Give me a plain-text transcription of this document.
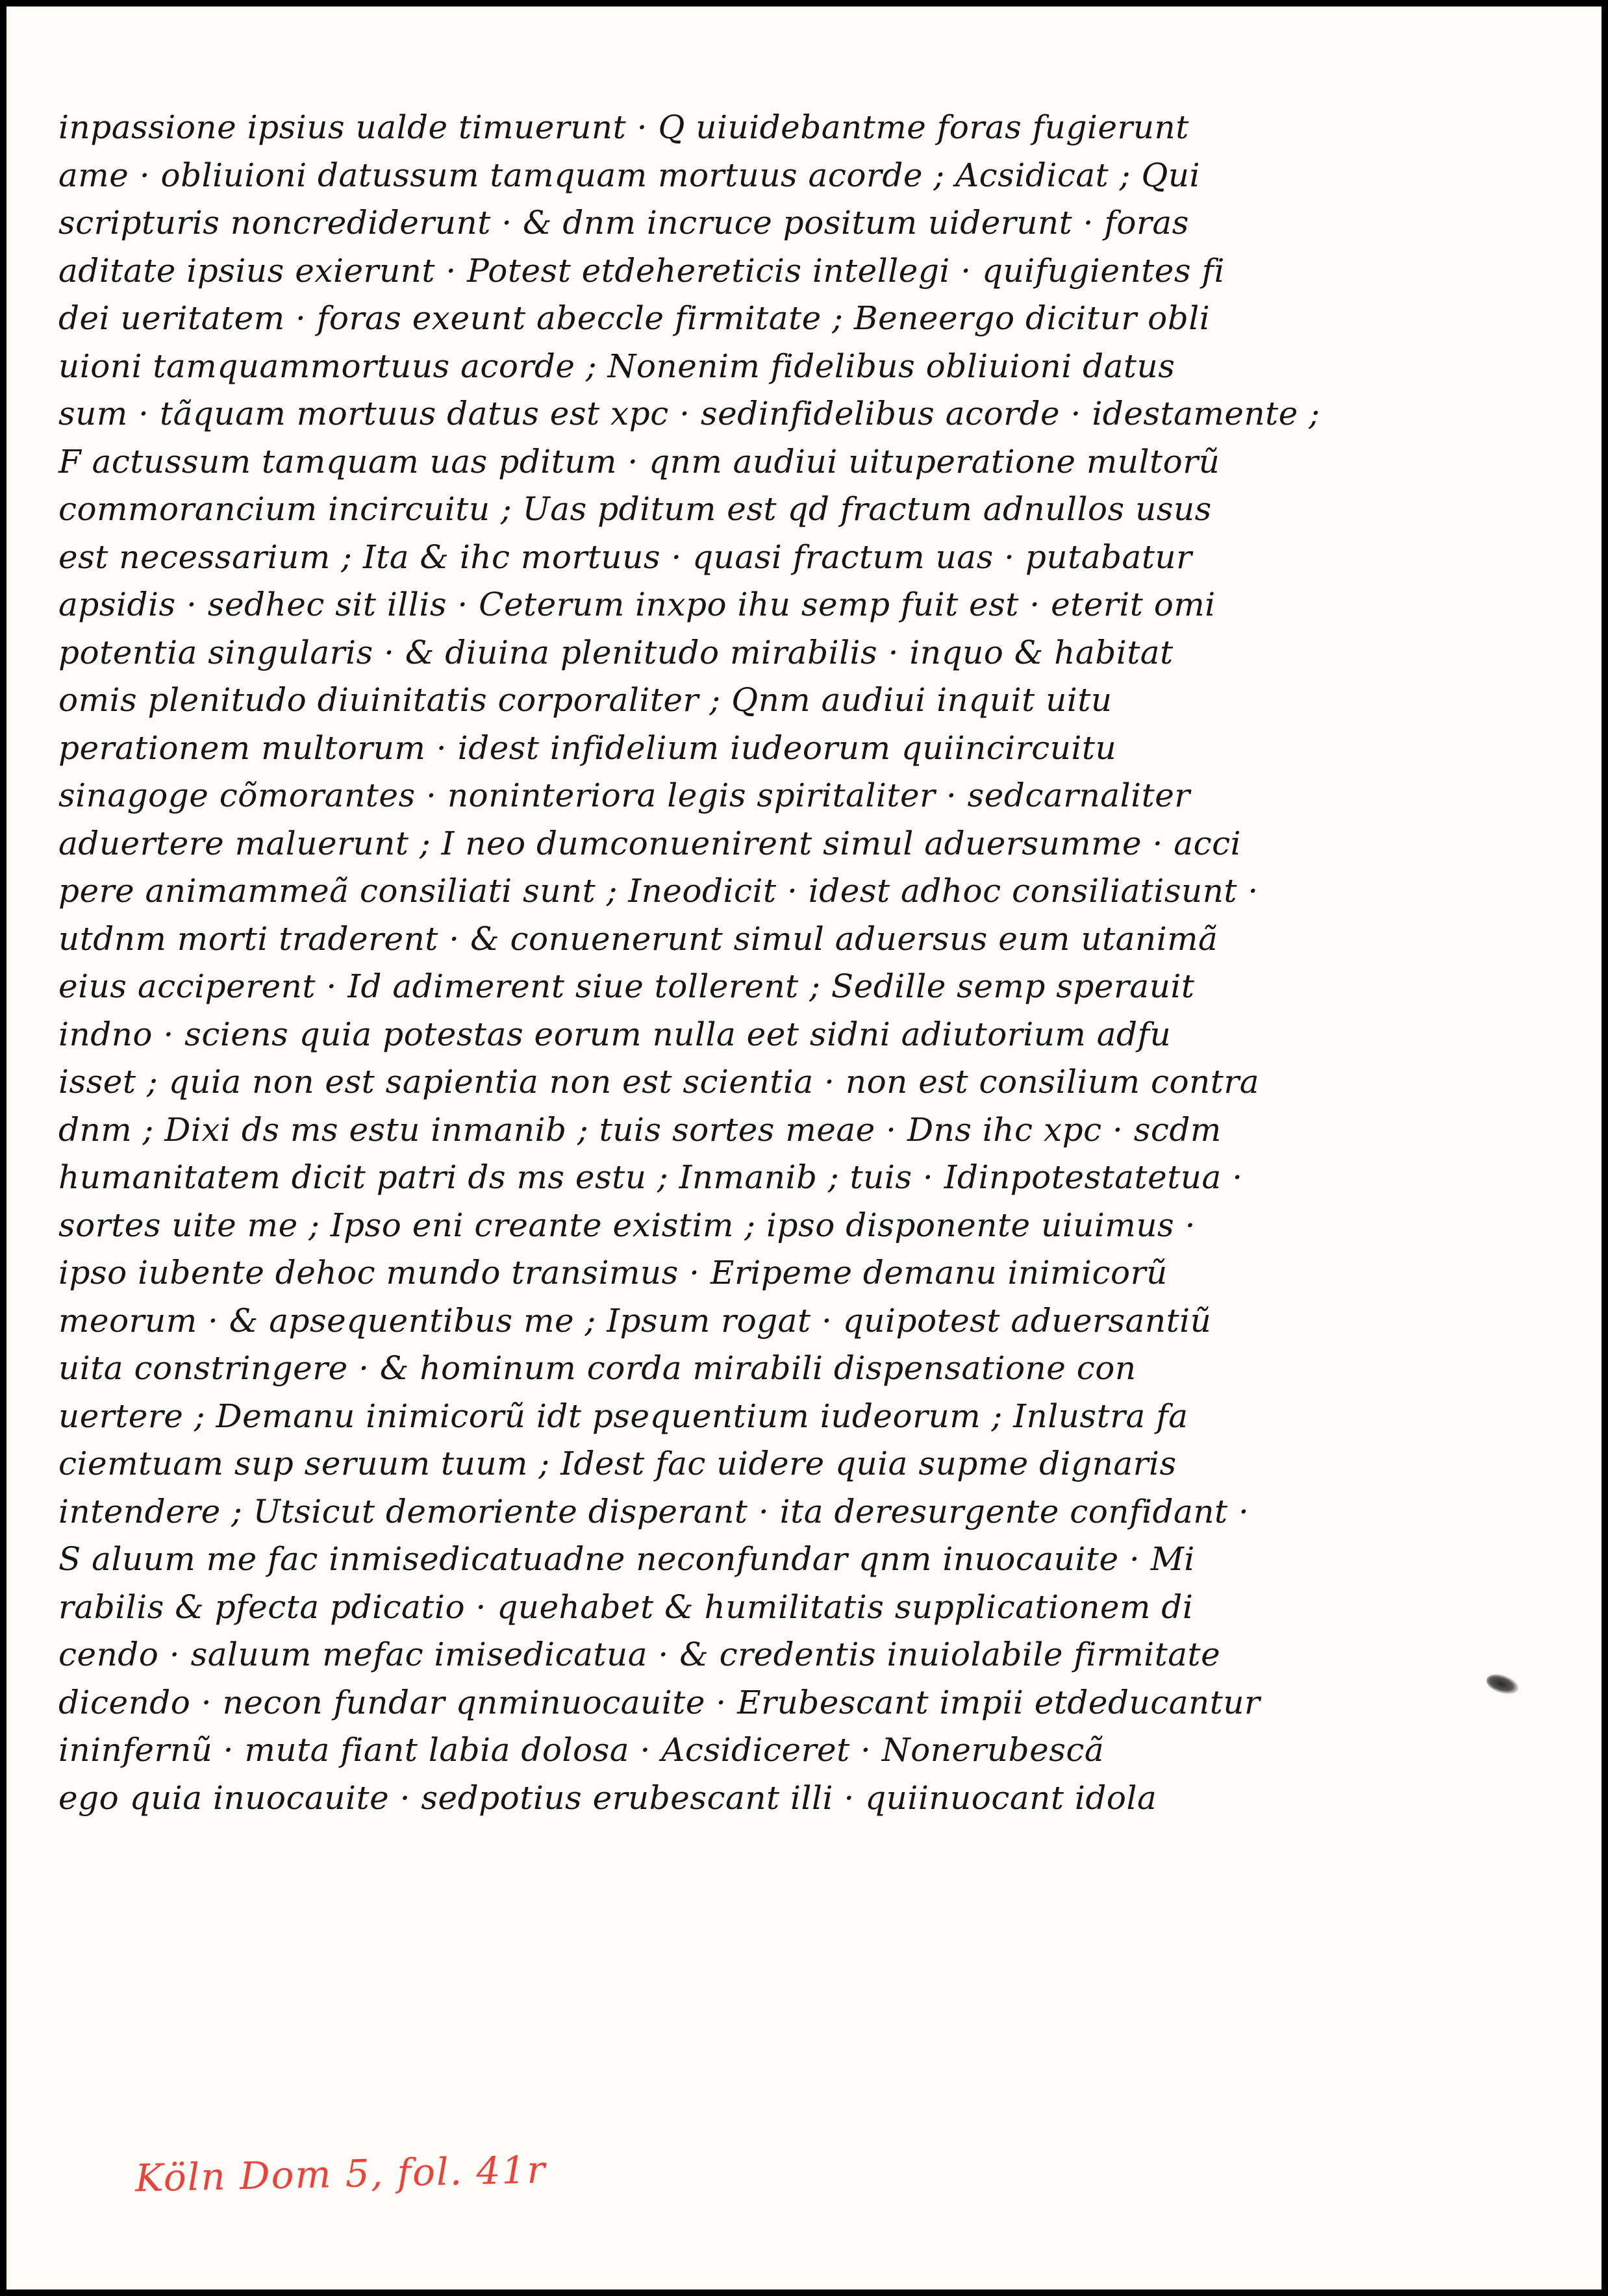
inpassione ipsius ualde timuerunt · Q uiuidebantme foras fugierunt
ame · obliuioni datussum tamquam mortuus acorde ; Acsidicat ; Qui
scripturis noncrediderunt · & dnm incruce positum uiderunt · foras
aditate ipsius exierunt · Potest etdehereticis intellegi · quifugientes fi
dei ueritatem · foras exeunt abeccle firmitate ; Beneergo dicitur obli
uioni tamquammortuus acorde ; Nonenim fidelibus obliuioni datus
sum · tãquam mortuus datus est xpc · sedinfidelibus acorde · idestamente ;
F actussum tamquam uas pditum · qnm audiui uituperatione multorũ
commorancium incircuitu ; Uas pditum est qd fractum adnullos usus
est necessarium ; Ita & ihc mortuus · quasi fractum uas · putabatur
apsidis · sedhec sit illis · Ceterum inxpo ihu semp fuit est · eterit omi
potentia singularis · & diuina plenitudo mirabilis · inquo & habitat
omis plenitudo diuinitatis corporaliter ; Qnm audiui inquit uitu
perationem multorum · idest infidelium iudeorum quiincircuitu
sinagoge cõmorantes · noninteriora legis spiritaliter · sedcarnaliter
aduertere maluerunt ; I neo dumconuenirent simul aduersumme · acci
pere animammeã consiliati sunt ; Ineodicit · idest adhoc consiliatisunt ·
utdnm morti traderent · & conuenerunt simul aduersus eum utanimã
eius acciperent · Id adimerent siue tollerent ; Sedille semp sperauit
indno · sciens quia potestas eorum nulla eet sidni adiutorium adfu
isset ; quia non est sapientia non est scientia · non est consilium contra
dnm ; Dixi ds ms estu inmanib ; tuis sortes meae · Dns ihc xpc · scdm
humanitatem dicit patri ds ms estu ; Inmanib ; tuis · Idinpotestatetua ·
sortes uite me ; Ipso eni creante existim ; ipso disponente uiuimus ·
ipso iubente dehoc mundo transimus · Eripeme demanu inimicorũ
meorum · & apsequentibus me ; Ipsum rogat · quipotest aduersantiũ
uita constringere · & hominum corda mirabili dispensatione con
uertere ; Demanu inimicorũ idt psequentium iudeorum ; Inlustra fa
ciemtuam sup seruum tuum ; Idest fac uidere quia supme dignaris
intendere ; Utsicut demoriente disperant · ita deresurgente confidant ·
S aluum me fac inmisedicatuadne neconfundar qnm inuocauite · Mi
rabilis & pfecta pdicatio · quehabet & humilitatis supplicationem di
cendo · saluum mefac imisedicatua · & credentis inuiolabile firmitate
dicendo · necon fundar qnminuocauite · Erubescant impii etdeducantur
ininfernũ · muta fiant labia dolosa · Acsidiceret · Nonerubescã
ego quia inuocauite · sedpotius erubescant illi · quiinuocant idola
Köln Dom 5, fol. 41r
